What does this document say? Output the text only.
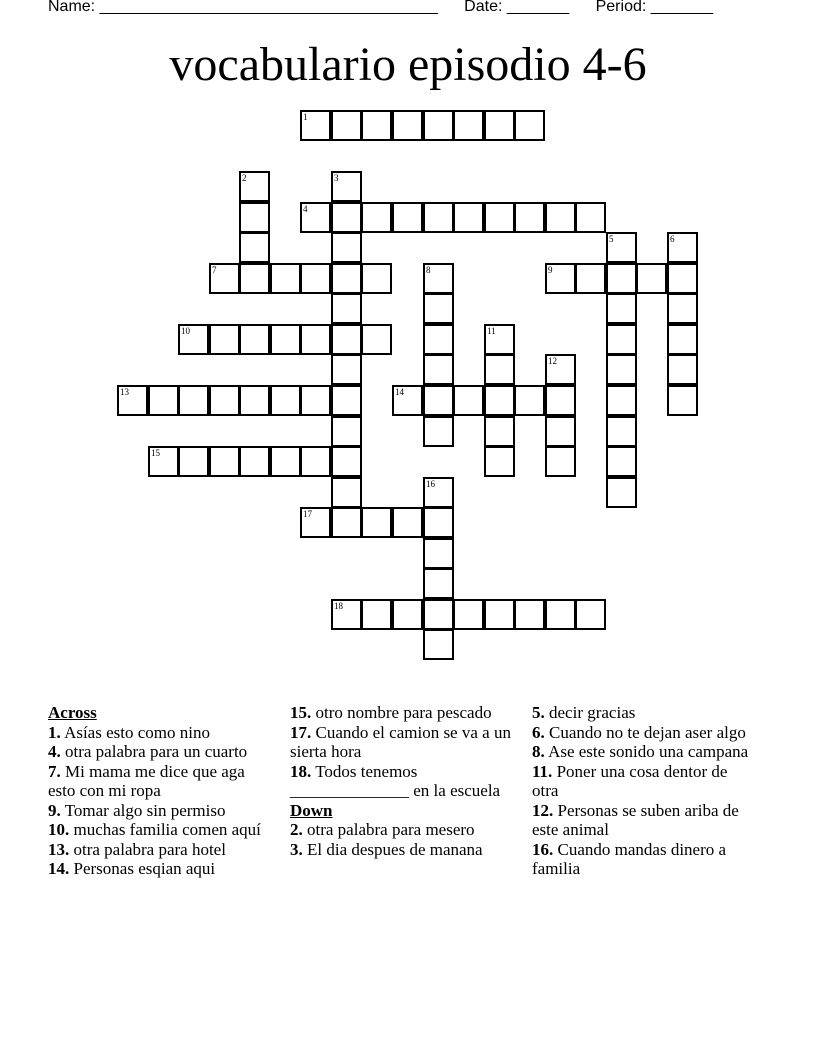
Name: ______________________________________ Date: _______ Period: _______
vocabulario episodio 4-6
1
2	3
4
5	6
7	8	9
10	11
12
13	14
15
16
17
18
Across
1. Asías esto como nino
4. otra palabra para un cuarto
7. Mi mama me dice que aga esto con mi ropa
9. Tomar algo sin permiso
10. muchas familia comen aquí
13. otra palabra para hotel
14. Personas esqian aqui
15. otro nombre para pescado
17. Cuando el camion se va a un sierta hora
18. Todos tenemos ______________ en la escuela
Down
2. otra palabra para mesero
3. El dia despues de manana
5. decir gracias
6. Cuando no te dejan aser algo
8. Ase este sonido una campana
11. Poner una cosa dentor de otra
12. Personas se suben ariba de este animal
16. Cuando mandas dinero a familia
